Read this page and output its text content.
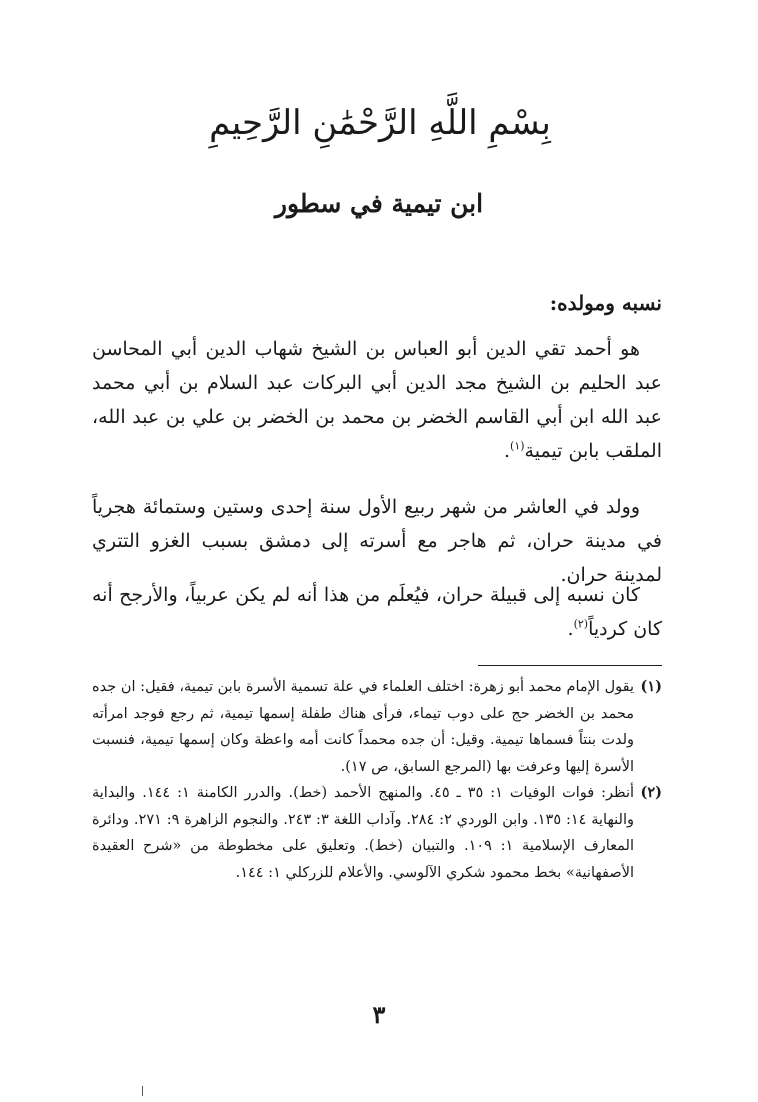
بِسْمِ اللَّهِ الرَّحْمَٰنِ الرَّحِيمِ
ابن تيمية في سطور
نسبه ومولده:

هو أحمد تقي الدين أبو العباس بن الشيخ شهاب الدين أبي المحاسن عبد الحليم بن الشيخ مجد الدين أبي البركات عبد السلام بن أبي محمد عبد الله ابن أبي القاسم الخضر بن محمد بن الخضر بن علي بن عبد الله، الملقب بابن تيمية$^{(١)}$.

وولد في العاشر من شهر ربيع الأول سنة إحدى وستين وستمائة هجرياً في مدينة حران، ثم هاجر مع أسرته إلى دمشق بسبب الغزو التتري لمدينة حران.

كان نسبه إلى قبيلة حران، فيُعلَم من هذا أنه لم يكن عربياً، والأرجح أنه كان كردياً$^{(٢)}$.

(١)
يقول الإمام محمد أبو زهرة: اختلف العلماء في علة تسمية الأسرة بابن تيمية، فقيل: ان جده محمد بن الخضر حج على دوب تيماء، فرأى هناك طفلة إسمها تيمية، ثم رجع فوجد امرأته ولدت بنتاً فسماها تيمية. وقيل: أن جده محمداً كانت أمه واعظة وكان إسمها تيمية، فنسبت الأسرة إليها وعرفت بها (المرجع السابق، ص ١٧).

(٢)
أنظر: فوات الوفيات ١: ٣٥ ـ ٤٥. والمنهج الأحمد (خط). والدرر الكامنة ١: ١٤٤. والبداية والنهاية ١٤: ١٣٥. وابن الوردي ٢: ٢٨٤. وآداب اللغة ٣: ٢٤٣. والنجوم الزاهرة ٩: ٢٧١. ودائرة المعارف الإسلامية ١: ١٠٩. والتبيان (خط). وتعليق على مخطوطة من «شرح العقيدة الأصفهانية» بخط محمود شكري الآلوسي. والأعلام للزركلي ١: ١٤٤.

٣
